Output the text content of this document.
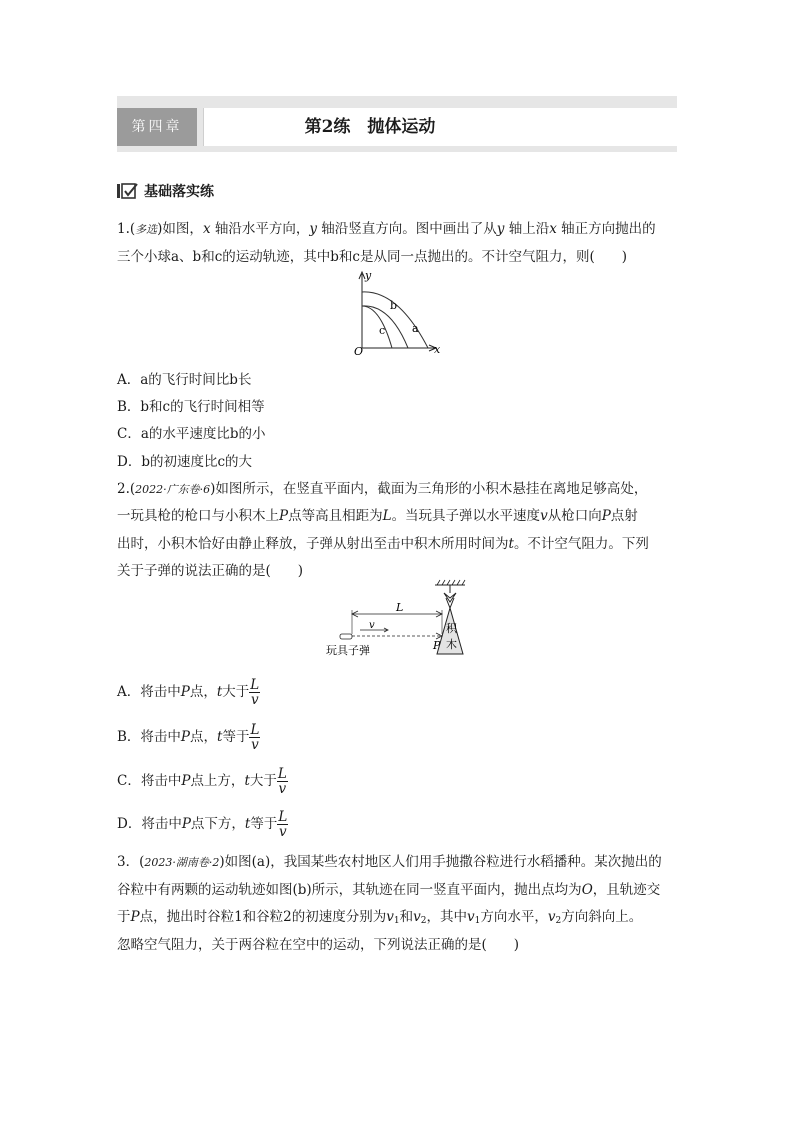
第四章	第2练　抛体运动
基础落实练
1.(多选)如图，x 轴沿水平方向，y 轴沿竖直方向。图中画出了从y 轴上沿x 轴正方向抛出的
三个小球a、b和c的运动轨迹，其中b和c是从同一点抛出的。不计空气阻力，则(　　)
y
x
O
b
c a
A．a的飞行时间比b长
B．b和c的飞行时间相等
C．a的水平速度比b的小
D．b的初速度比c的大
2.(2022·广东卷·6)如图所示，在竖直平面内，截面为三角形的小积木悬挂在离地足够高处，
一玩具枪的枪口与小积木上P点等高且相距为L。当玩具子弹以水平速度v从枪口向P点射
出时，小积木恰好由静止释放，子弹从射出至击中积木所用时间为t。不计空气阻力。下列
关于子弹的说法正确的是(　　)
积
木
v
L
P
玩具子弹
A．将击中P点，t大于 $\frac{L}{v}$
B．将击中P点，t等于 $\frac{L}{v}$
C．将击中P点上方，t大于 $\frac{L}{v}$
D．将击中P点下方，t等于 $\frac{L}{v}$
3．(2023·湖南卷·2)如图(a)，我国某些农村地区人们用手抛撒谷粒进行水稻播种。某次抛出的
谷粒中有两颗的运动轨迹如图(b)所示，其轨迹在同一竖直平面内，抛出点均为O，且轨迹交
于P点，抛出时谷粒1和谷粒2的初速度分别为$v_1$和$v_2$，其中$v_1$方向水平，$v_2$方向斜向上。
忽略空气阻力，关于两谷粒在空中的运动，下列说法正确的是(　　)
